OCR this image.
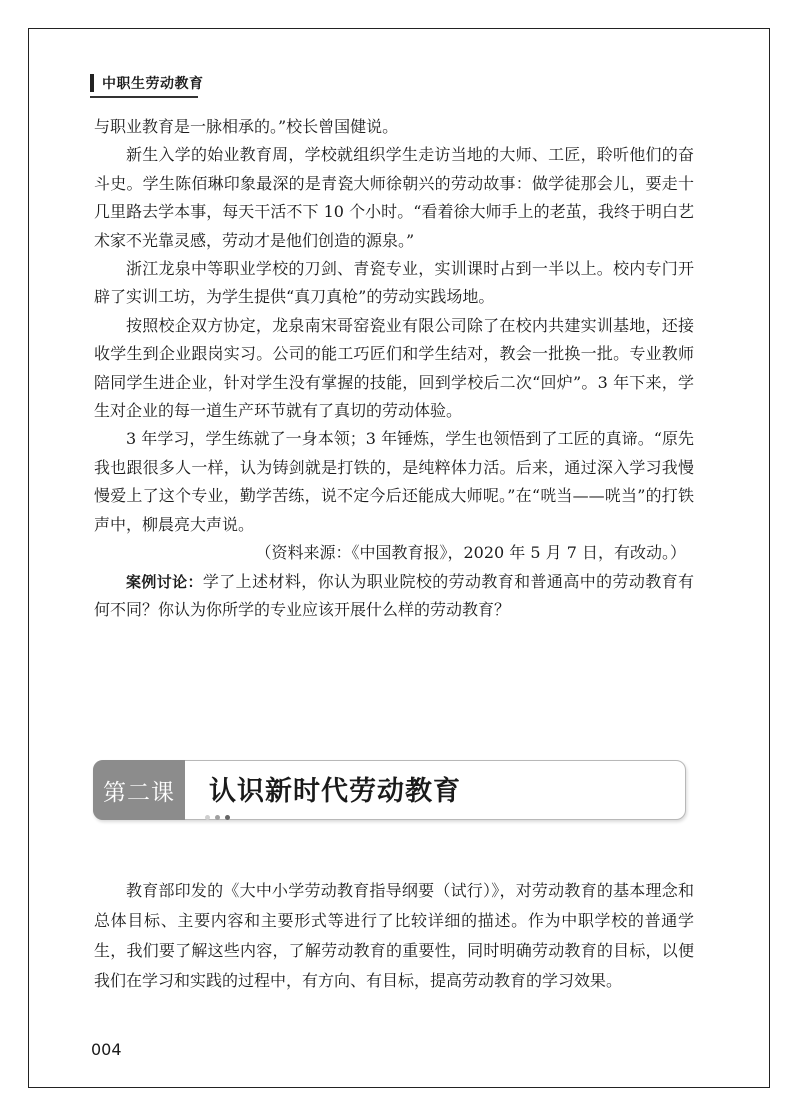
中职生劳动教育

与职业教育是一脉相承的。”校长曾国健说。

新生入学的始业教育周，学校就组织学生走访当地的大师、工匠，聆听他们的奋斗史。学生陈佰琳印象最深的是青瓷大师徐朝兴的劳动故事：做学徒那会儿，要走十几里路去学本事，每天干活不下 10 个小时。“看着徐大师手上的老茧，我终于明白艺术家不光靠灵感，劳动才是他们创造的源泉。”

浙江龙泉中等职业学校的刀剑、青瓷专业，实训课时占到一半以上。校内专门开辟了实训工坊，为学生提供“真刀真枪”的劳动实践场地。

按照校企双方协定，龙泉南宋哥窑瓷业有限公司除了在校内共建实训基地，还接收学生到企业跟岗实习。公司的能工巧匠们和学生结对，教会一批换一批。专业教师陪同学生进企业，针对学生没有掌握的技能，回到学校后二次“回炉”。3 年下来，学生对企业的每一道生产环节就有了真切的劳动体验。

3 年学习，学生练就了一身本领；3 年锤炼，学生也领悟到了工匠的真谛。“原先我也跟很多人一样，认为铸剑就是打铁的，是纯粹体力活。后来，通过深入学习我慢慢爱上了这个专业，勤学苦练，说不定今后还能成大师呢。”在“咣当——咣当”的打铁声中，柳晨亮大声说。

（资料来源：《中国教育报》，2020 年 5 月 7 日，有改动。）

案例讨论：学了上述材料，你认为职业院校的劳动教育和普通高中的劳动教育有何不同？你认为你所学的专业应该开展什么样的劳动教育？

第二课	认识新时代劳动教育

教育部印发的《大中小学劳动教育指导纲要（试行）》，对劳动教育的基本理念和总体目标、主要内容和主要形式等进行了比较详细的描述。作为中职学校的普通学生，我们要了解这些内容，了解劳动教育的重要性，同时明确劳动教育的目标，以便我们在学习和实践的过程中，有方向、有目标，提高劳动教育的学习效果。

004
